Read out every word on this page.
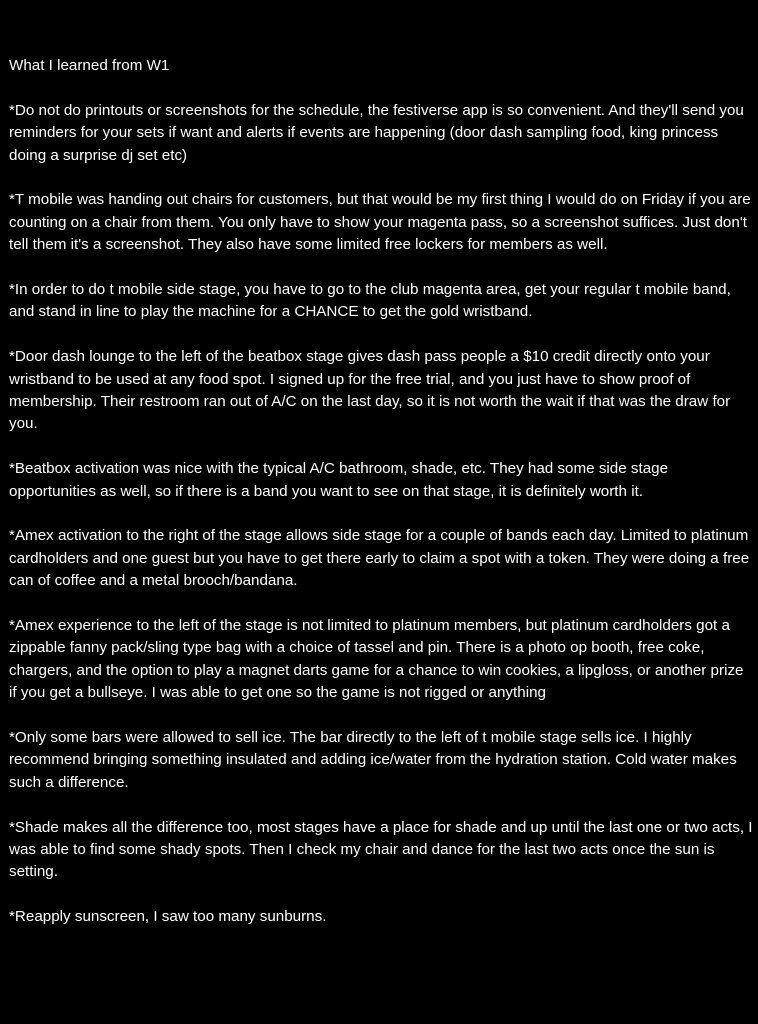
What I learned from W1

*Do not do printouts or screenshots for the schedule, the festiverse app is so convenient. And they'll send you reminders for your sets if want and alerts if events are happening (door dash sampling food, king princess doing a surprise dj set etc)

*T mobile was handing out chairs for customers, but that would be my first thing I would do on Friday if you are counting on a chair from them. You only have to show your magenta pass, so a screenshot suffices. Just don't tell them it's a screenshot. They also have some limited free lockers for members as well.

*In order to do t mobile side stage, you have to go to the club magenta area, get your regular t mobile band, and stand in line to play the machine for a CHANCE to get the gold wristband.

*Door dash lounge to the left of the beatbox stage gives dash pass people a $10 credit directly onto your wristband to be used at any food spot. I signed up for the free trial, and you just have to show proof of membership. Their restroom ran out of A/C on the last day, so it is not worth the wait if that was the draw for you.

*Beatbox activation was nice with the typical A/C bathroom, shade, etc. They had some side stage opportunities as well, so if there is a band you want to see on that stage, it is definitely worth it.

*Amex activation to the right of the stage allows side stage for a couple of bands each day. Limited to platinum cardholders and one guest but you have to get there early to claim a spot with a token. They were doing a free can of coffee and a metal brooch/bandana.

*Amex experience to the left of the stage is not limited to platinum members, but platinum cardholders got a zippable fanny pack/sling type bag with a choice of tassel and pin. There is a photo op booth, free coke, chargers, and the option to play a magnet darts game for a chance to win cookies, a lipgloss, or another prize if you get a bullseye. I was able to get one so the game is not rigged or anything

*Only some bars were allowed to sell ice. The bar directly to the left of t mobile stage sells ice. I highly recommend bringing something insulated and adding ice/water from the hydration station. Cold water makes such a difference.

*Shade makes all the difference too, most stages have a place for shade and up until the last one or two acts, I was able to find some shady spots. Then I check my chair and dance for the last two acts once the sun is setting.

*Reapply sunscreen, I saw too many sunburns.
